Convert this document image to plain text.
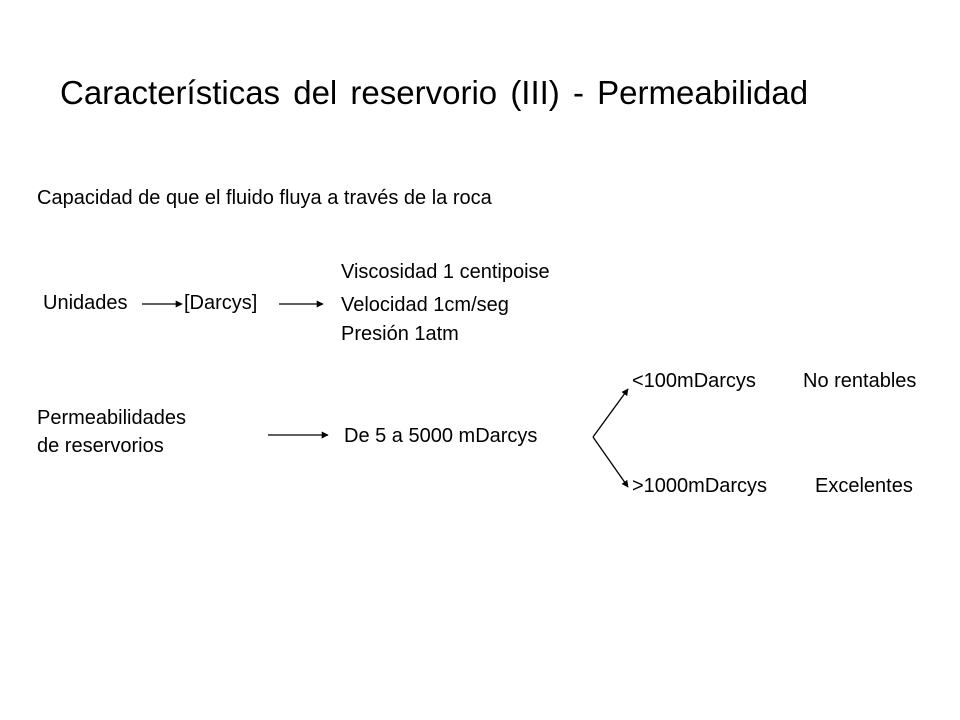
Características del reservorio (III) - Permeabilidad
Capacidad de que el fluido fluya a través de la roca
Unidades	[Darcys]
Viscosidad 1 centipoise
Velocidad 1cm/seg
Presión 1atm
Permeabilidades
de reservorios	De 5 a 5000 mDarcys
<100mDarcys No rentables
>1000mDarcys Excelentes
